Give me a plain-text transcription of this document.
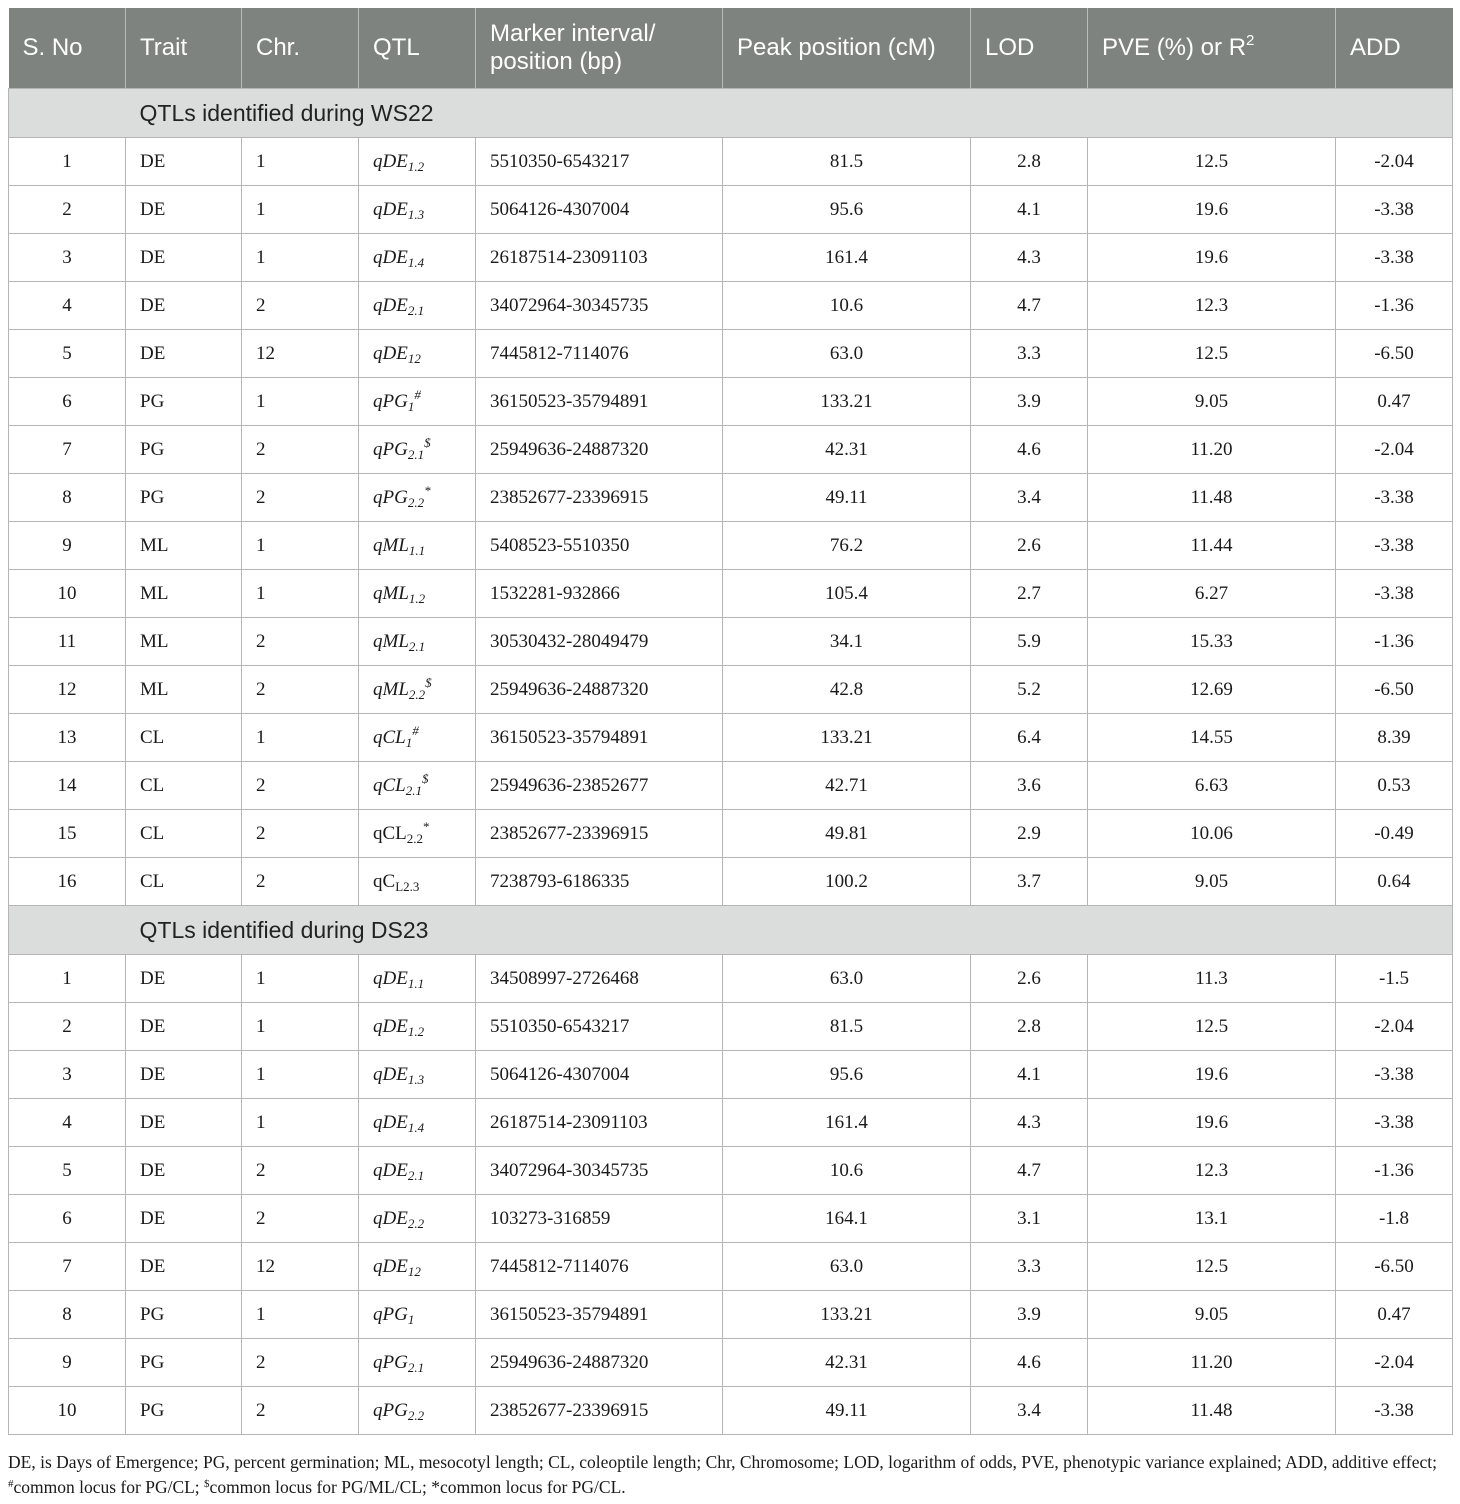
S. No	Trait	Chr.	QTL	Marker interval/
position (bp)	Peak position (cM)	LOD	PVE (%) or $R^2$	ADD
	QTLs identified during WS22							
1	DE	1	qDE$_{1.2}$	5510350-6543217	81.5	2.8	12.5	-2.04
2	DE	1	qDE$_{1.3}$	5064126-4307004	95.6	4.1	19.6	-3.38
3	DE	1	qDE$_{1.4}$	26187514-23091103	161.4	4.3	19.6	-3.38
4	DE	2	qDE$_{2.1}$	34072964-30345735	10.6	4.7	12.3	-1.36
5	DE	12	qDE$_{12}$	7445812-7114076	63.0	3.3	12.5	-6.50
6	PG	1	qPG$_1$#	36150523-35794891	133.21	3.9	9.05	0.47
7	PG	2	qPG$_{2.1}$\$	25949636-24887320	42.31	4.6	11.20	-2.04
8	PG	2	qPG$_{2.2}$*	23852677-23396915	49.11	3.4	11.48	-3.38
9	ML	1	qML$_{1.1}$	5408523-5510350	76.2	2.6	11.44	-3.38
10	ML	1	qML$_{1.2}$	1532281-932866	105.4	2.7	6.27	-3.38
11	ML	2	qML$_{2.1}$	30530432-28049479	34.1	5.9	15.33	-1.36
12	ML	2	qML$_{2.2}$\$	25949636-24887320	42.8	5.2	12.69	-6.50
13	CL	1	qCL$_1$#	36150523-35794891	133.21	6.4	14.55	8.39
14	CL	2	qCL$_{2.1}$\$	25949636-23852677	42.71	3.6	6.63	0.53
15	CL	2	qCL$_{2.2}$*	23852677-23396915	49.81	2.9	10.06	-0.49
16	CL	2	$qC_{L2.3}$	7238793-6186335	100.2	3.7	9.05	0.64
	QTLs identified during DS23							
1	DE	1	qDE$_{1.1}$	34508997-2726468	63.0	2.6	11.3	-1.5
2	DE	1	qDE$_{1.2}$	5510350-6543217	81.5	2.8	12.5	-2.04
3	DE	1	qDE$_{1.3}$	5064126-4307004	95.6	4.1	19.6	-3.38
4	DE	1	qDE$_{1.4}$	26187514-23091103	161.4	4.3	19.6	-3.38
5	DE	2	qDE$_{2.1}$	34072964-30345735	10.6	4.7	12.3	-1.36
6	DE	2	qDE$_{2.2}$	103273-316859	164.1	3.1	13.1	-1.8
7	DE	12	qDE$_{12}$	7445812-7114076	63.0	3.3	12.5	-6.50
8	PG	1	qPG$_1$	36150523-35794891	133.21	3.9	9.05	0.47
9	PG	2	qPG$_{2.1}$	25949636-24887320	42.31	4.6	11.20	-2.04
10	PG	2	qPG$_{2.2}$	23852677-23396915	49.11	3.4	11.48	-3.38
DE, is Days of Emergence; PG, percent germination; ML, mesocotyl length; CL, coleoptile length; Chr, Chromosome; LOD, logarithm of odds, PVE, phenotypic variance explained; ADD, additive effect; #common locus for PG/CL; $common locus for PG/ML/CL; *common locus for PG/CL.
